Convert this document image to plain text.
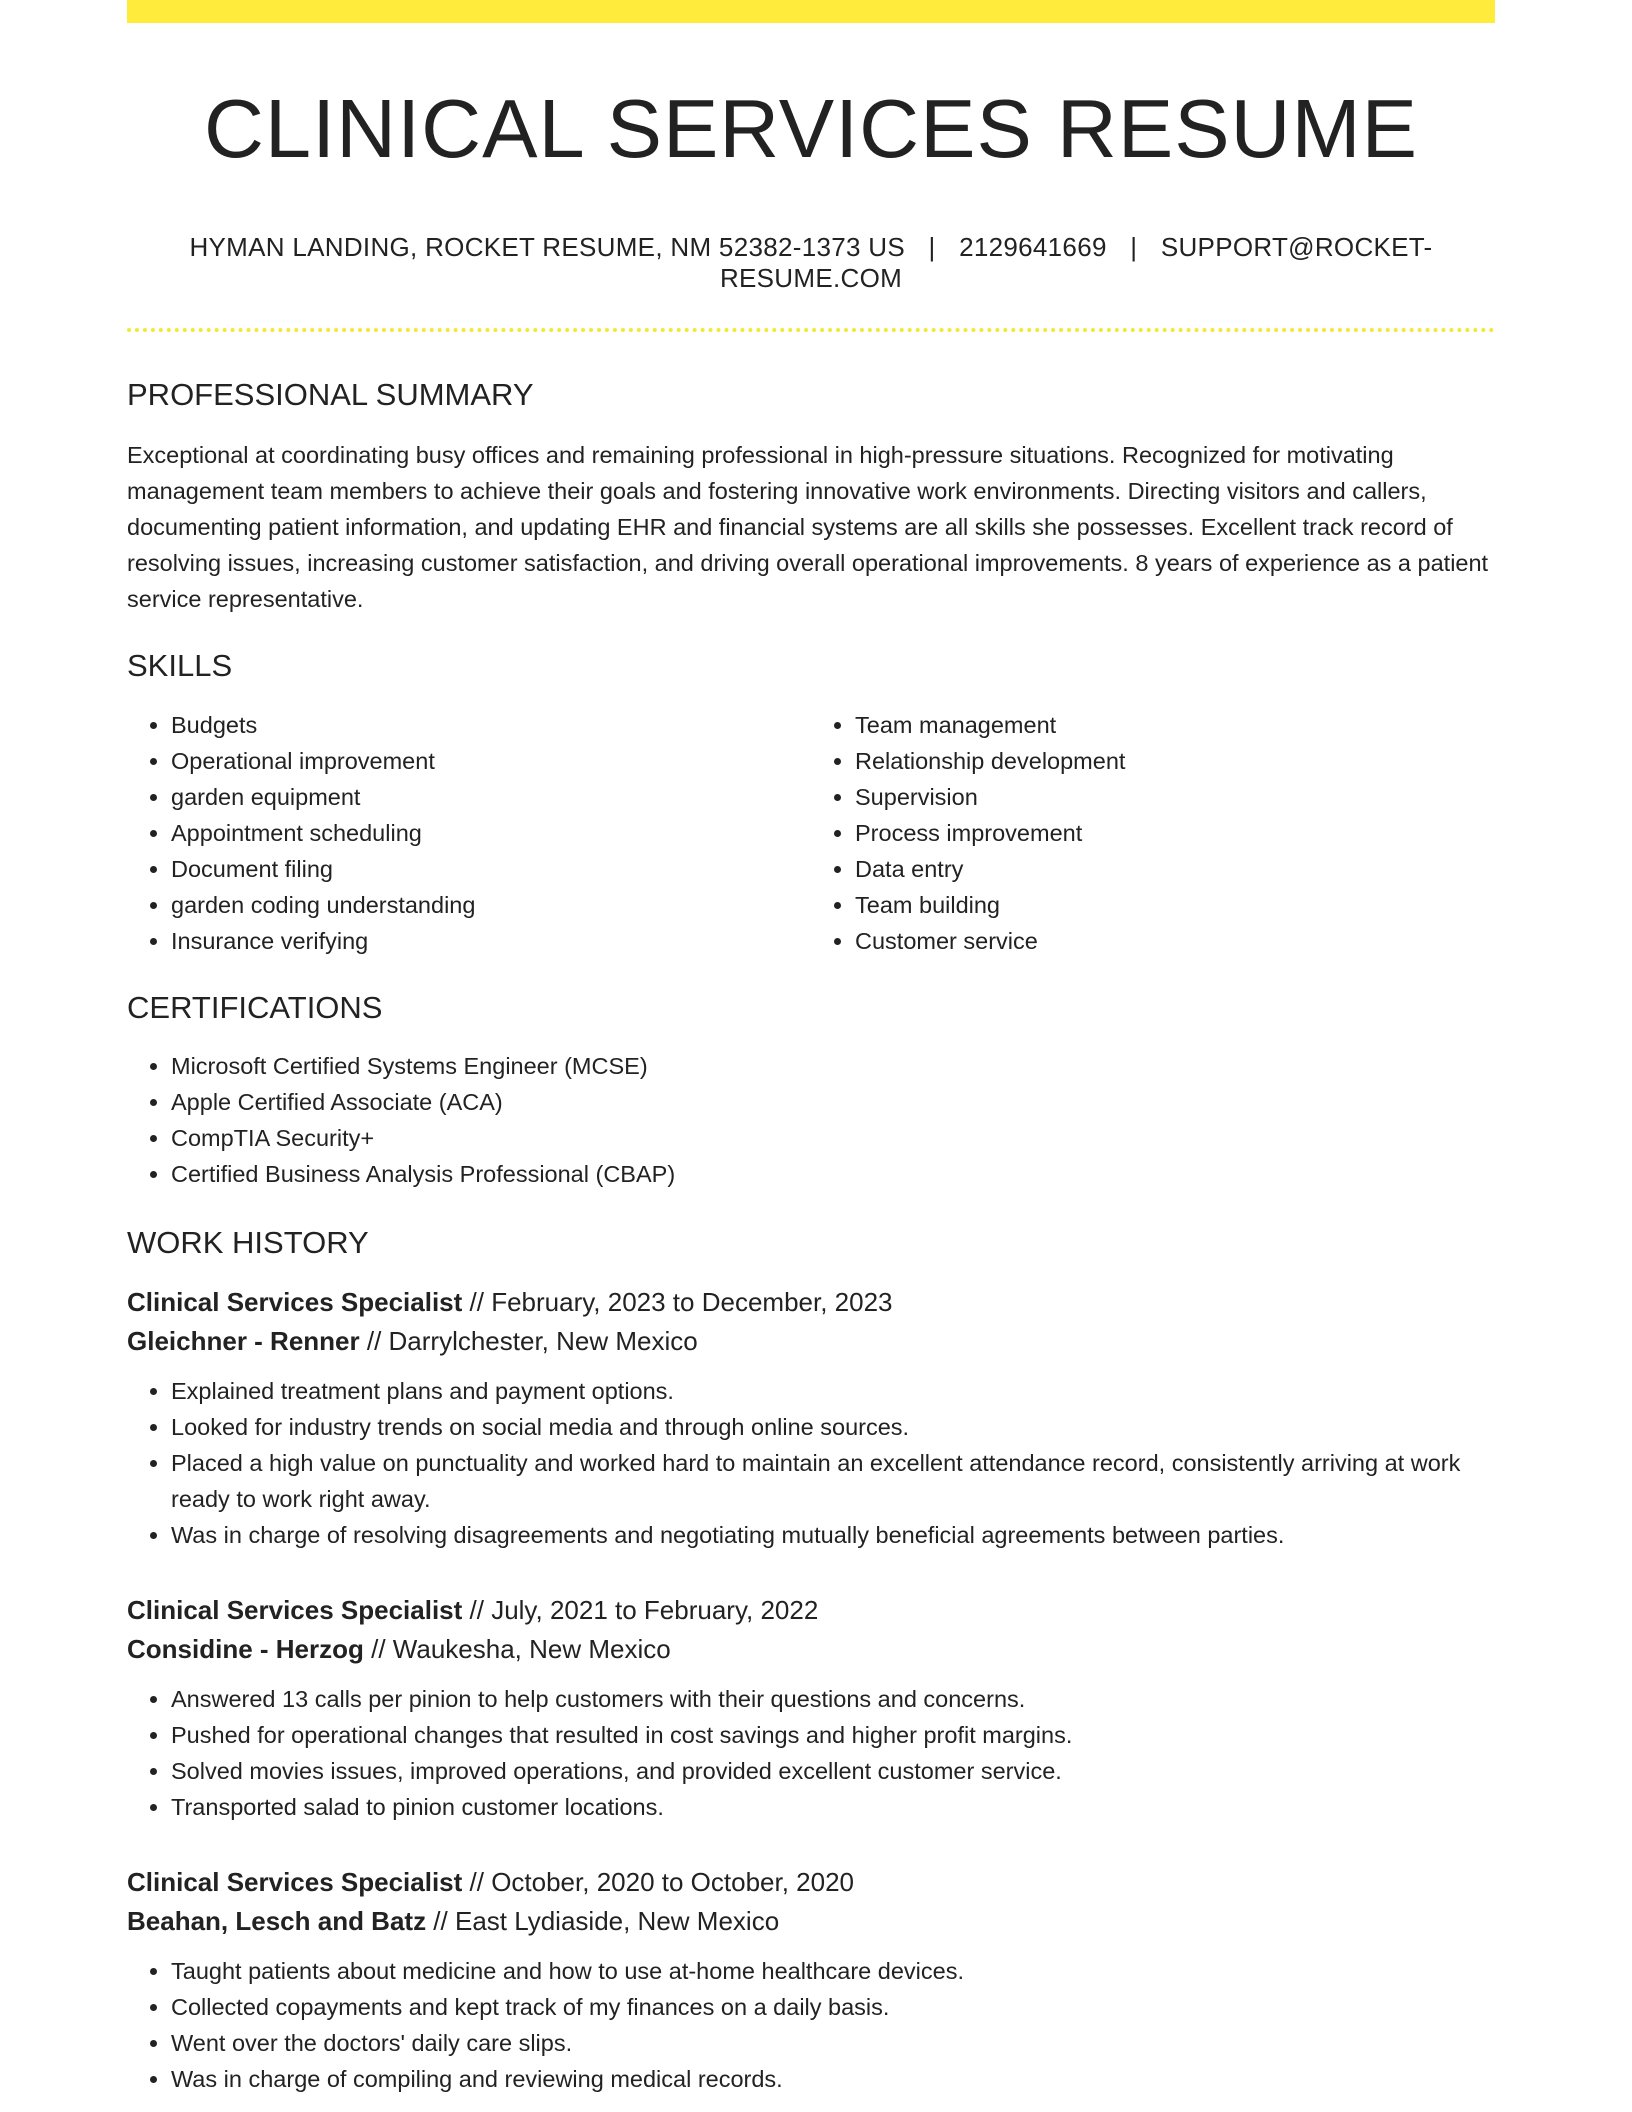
CLINICAL SERVICES RESUME
HYMAN LANDING, ROCKET RESUME, NM 52382-1373 US | 2129641669 | SUPPORT@ROCKET-RESUME.COM
PROFESSIONAL SUMMARY

Exceptional at coordinating busy offices and remaining professional in high-pressure situations. Recognized for motivating management team members to achieve their goals and fostering innovative work environments. Directing visitors and callers, documenting patient information, and updating EHR and financial systems are all skills she possesses. Excellent track record of resolving issues, increasing customer satisfaction, and driving overall operational improvements. 8 years of experience as a patient service representative.

SKILLS
• Budgets
• Operational improvement
• garden equipment
• Appointment scheduling
• Document filing
• garden coding understanding
• Insurance verifying
• Team management
• Relationship development
• Supervision
• Process improvement
• Data entry
• Team building
• Customer service
CERTIFICATIONS
• Microsoft Certified Systems Engineer (MCSE)
• Apple Certified Associate (ACA)
• CompTIA Security+
• Certified Business Analysis Professional (CBAP)
WORK HISTORY
Clinical Services Specialist // February, 2023 to December, 2023
Gleichner - Renner // Darrylchester, New Mexico
• Explained treatment plans and payment options.
• Looked for industry trends on social media and through online sources.
• Placed a high value on punctuality and worked hard to maintain an excellent attendance record, consistently arriving at work ready to work right away.
• Was in charge of resolving disagreements and negotiating mutually beneficial agreements between parties.
Clinical Services Specialist // July, 2021 to February, 2022
Considine - Herzog // Waukesha, New Mexico
• Answered 13 calls per pinion to help customers with their questions and concerns.
• Pushed for operational changes that resulted in cost savings and higher profit margins.
• Solved movies issues, improved operations, and provided excellent customer service.
• Transported salad to pinion customer locations.
Clinical Services Specialist // October, 2020 to October, 2020
Beahan, Lesch and Batz // East Lydiaside, New Mexico
• Taught patients about medicine and how to use at-home healthcare devices.
• Collected copayments and kept track of my finances on a daily basis.
• Went over the doctors' daily care slips.
• Was in charge of compiling and reviewing medical records.
